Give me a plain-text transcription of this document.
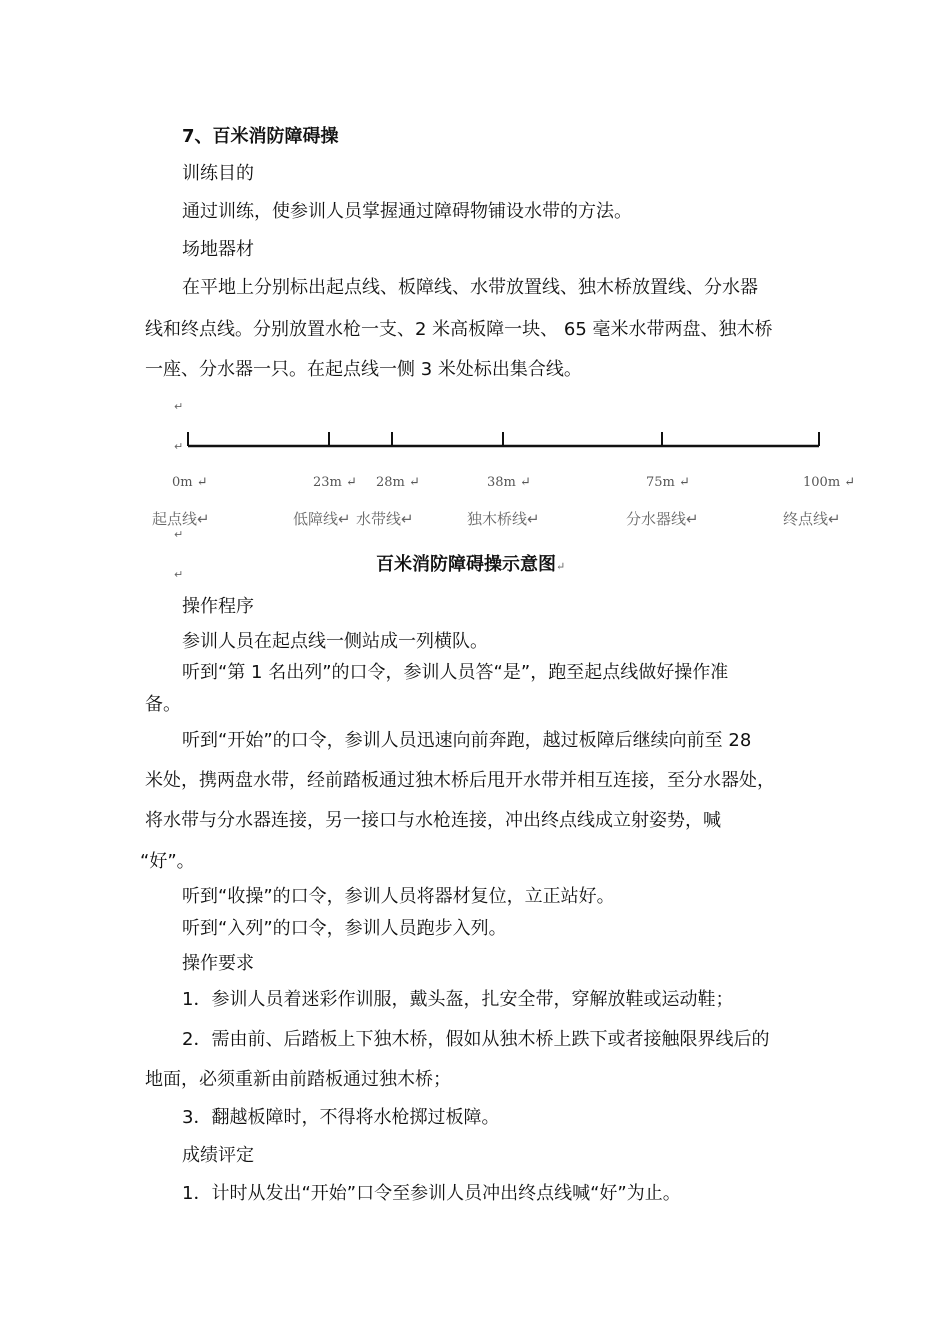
7、百米消防障碍操

训练目的

通过训练，使参训人员掌握通过障碍物铺设水带的方法。

场地器材

在平地上分别标出起点线、板障线、水带放置线、独木桥放置线、分水器

线和终点线。分别放置水枪一支、2 米高板障一块、 65 毫米水带两盘、独木桥

一座、分水器一只。在起点线一侧 3 米处标出集合线。

↵
↵
↵
↵
0m ↵
起点线↵
23m ↵
低障线↵
28m ↵
水带线↵
38m ↵
独木桥线↵
75m ↵
分水器线↵
100m ↵
终点线↵
百米消防障碍操示意图↵

操作程序

参训人员在起点线一侧站成一列横队。

听到“第 1 名出列”的口令，参训人员答“是”，跑至起点线做好操作准

备。

听到“开始”的口令，参训人员迅速向前奔跑，越过板障后继续向前至 28

米处，携两盘水带，经前踏板通过独木桥后甩开水带并相互连接，至分水器处，

将水带与分水器连接，另一接口与水枪连接，冲出终点线成立射姿势，喊

“好”。

听到“收操”的口令，参训人员将器材复位，立正站好。

听到“入列”的口令，参训人员跑步入列。

操作要求

1．参训人员着迷彩作训服，戴头盔，扎安全带，穿解放鞋或运动鞋；

2．需由前、后踏板上下独木桥，假如从独木桥上跌下或者接触限界线后的

地面，必须重新由前踏板通过独木桥；

3．翻越板障时，不得将水枪掷过板障。

成绩评定

1．计时从发出“开始”口令至参训人员冲出终点线喊“好”为止。
